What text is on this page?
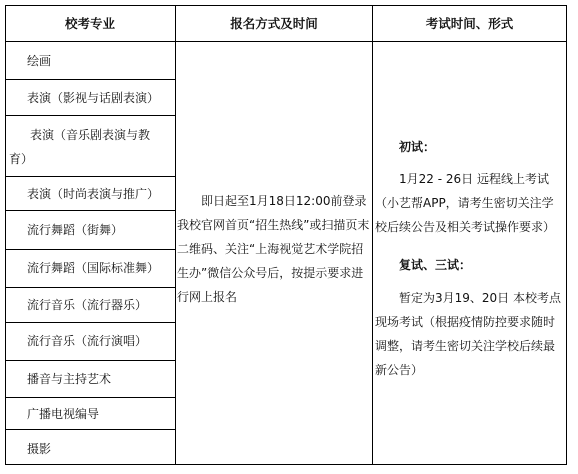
校考专业	报名方式及时间	考试时间、形式
绘画
表演（影视与话剧表演）
表演（音乐剧表演与教育）
表演（时尚表演与推广）
流行舞蹈（街舞）
流行舞蹈（国际标准舞）
流行音乐（流行器乐）
流行音乐（流行演唱）
播音与主持艺术
广播电视编导
摄影
即日起至1月18日12:00前登录我校官网首页“招生热线”或扫描页末二维码、关注“上海视觉艺术学院招生办”微信公众号后，按提示要求进行网上报名
初试：
1月22 - 26日 远程线上考试（小艺帮APP，请考生密切关注学校后续公告及相关考试操作要求）
复试、三试：
暂定为3月19、20日 本校考点现场考试（根据疫情防控要求随时调整，请考生密切关注学校后续最新公告）
